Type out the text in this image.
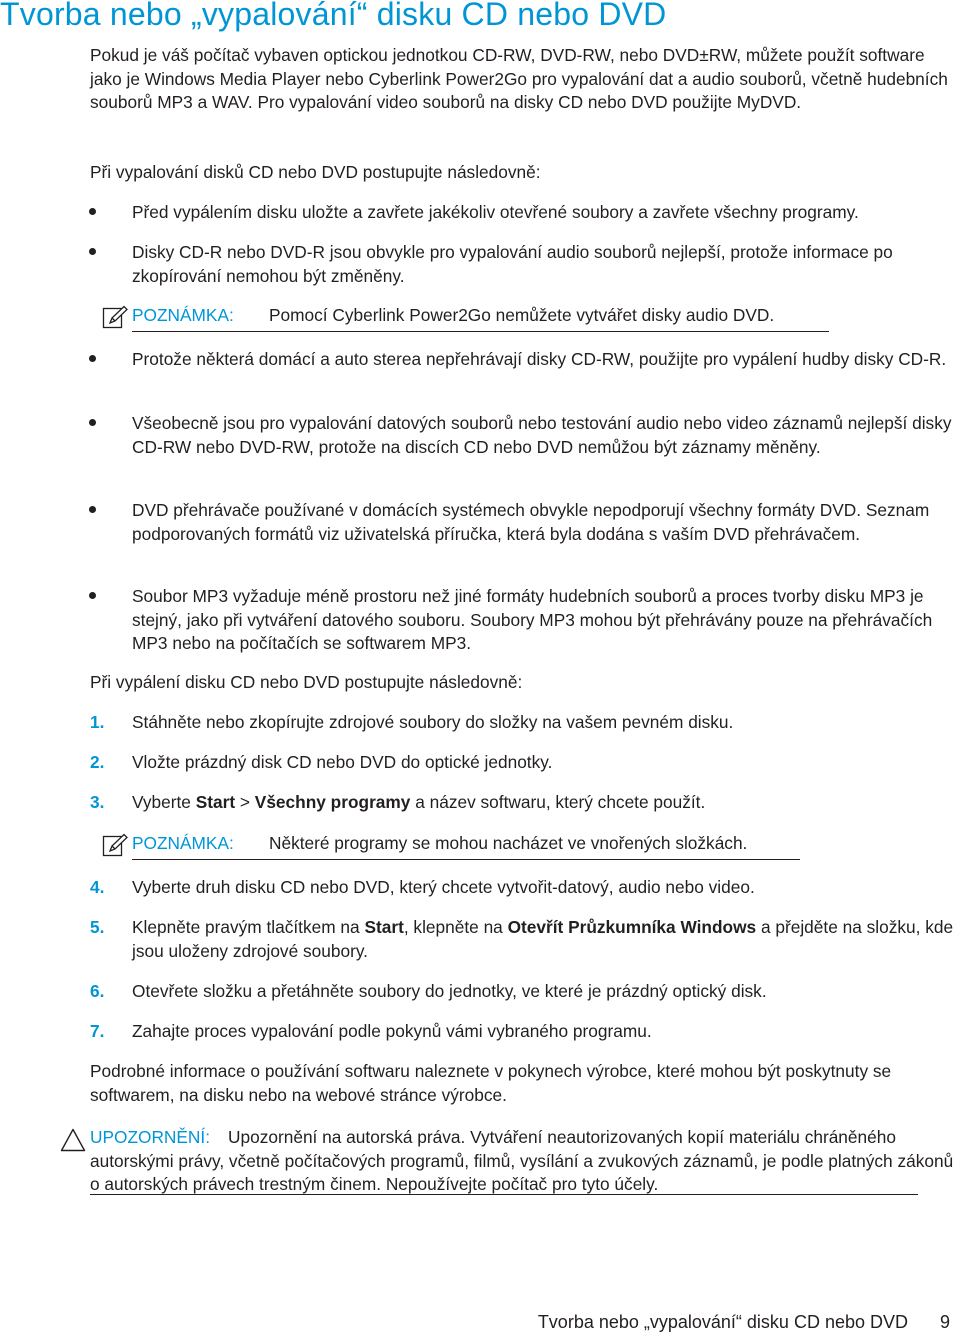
Tvorba nebo „vypalování“ disku CD nebo DVD

Pokud je váš počítač vybaven optickou jednotkou CD-RW, DVD-RW, nebo DVD±RW, můžete použít software jako je Windows Media Player nebo Cyberlink Power2Go pro vypalování dat a audio souborů, včetně hudebních souborů MP3 a WAV. Pro vypalování video souborů na disky CD nebo DVD použijte MyDVD.

Při vypalování disků CD nebo DVD postupujte následovně:

Před vypálením disku uložte a zavřete jakékoliv otevřené soubory a zavřete všechny programy.

Disky CD-R nebo DVD-R jsou obvykle pro vypalování audio souborů nejlepší, protože informace po zkopírování nemohou být změněny.

POZNÁMKA: Pomocí Cyberlink Power2Go nemůžete vytvářet disky audio DVD.

Protože některá domácí a auto sterea nepřehrávají disky CD-RW, použijte pro vypálení hudby disky CD-R.

Všeobecně jsou pro vypalování datových souborů nebo testování audio nebo video záznamů nejlepší disky CD-RW nebo DVD-RW, protože na discích CD nebo DVD nemůžou být záznamy měněny.

DVD přehrávače používané v domácích systémech obvykle nepodporují všechny formáty DVD. Seznam podporovaných formátů viz uživatelská příručka, která byla dodána s vaším DVD přehrávačem.

Soubor MP3 vyžaduje méně prostoru než jiné formáty hudebních souborů a proces tvorby disku MP3 je stejný, jako při vytváření datového souboru. Soubory MP3 mohou být přehrávány pouze na přehrávačích MP3 nebo na počítačích se softwarem MP3.

Při vypálení disku CD nebo DVD postupujte následovně:

1. Stáhněte nebo zkopírujte zdrojové soubory do složky na vašem pevném disku.

2. Vložte prázdný disk CD nebo DVD do optické jednotky.

3. Vyberte Start > Všechny programy a název softwaru, který chcete použít.

POZNÁMKA: Některé programy se mohou nacházet ve vnořených složkách.

4. Vyberte druh disku CD nebo DVD, který chcete vytvořit-datový, audio nebo video.

5. Klepněte pravým tlačítkem na Start, klepněte na Otevřít Průzkumníka Windows a přejděte na složku, kde jsou uloženy zdrojové soubory.

6. Otevřete složku a přetáhněte soubory do jednotky, ve které je prázdný optický disk.

7. Zahajte proces vypalování podle pokynů vámi vybraného programu.

Podrobné informace o používání softwaru naleznete v pokynech výrobce, které mohou být poskytnuty se softwarem, na disku nebo na webové stránce výrobce.

UPOZORNĚNÍ: Upozornění na autorská práva. Vytváření neautorizovaných kopií materiálu chráněného autorskými právy, včetně počítačových programů, filmů, vysílání a zvukových záznamů, je podle platných zákonů o autorských právech trestným činem. Nepoužívejte počítač pro tyto účely.

Tvorba nebo „vypalování“ disku CD nebo DVD 9
